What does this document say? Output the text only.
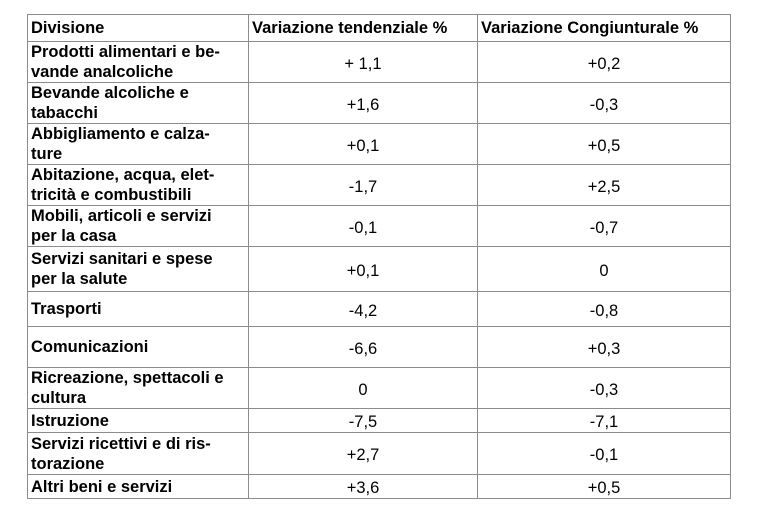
Divisione	Variazione tendenziale %	Variazione Congiunturale %
Prodotti alimentari e be-
vande analcoliche	+ 1,1	+0,2
Bevande alcoliche e
tabacchi	+1,6	-0,3
Abbigliamento e calza-
ture	+0,1	+0,5
Abitazione, acqua, elet-
tricità e combustibili	-1,7	+2,5
Mobili, articoli e servizi
per la casa	-0,1	-0,7
Servizi sanitari e spese
per la salute	+0,1	0
Trasporti	-4,2	-0,8
Comunicazioni	-6,6	+0,3
Ricreazione, spettacoli e
cultura	0	-0,3
Istruzione	-7,5	-7,1
Servizi ricettivi e di ris-
torazione	+2,7	-0,1
Altri beni e servizi	+3,6	+0,5
